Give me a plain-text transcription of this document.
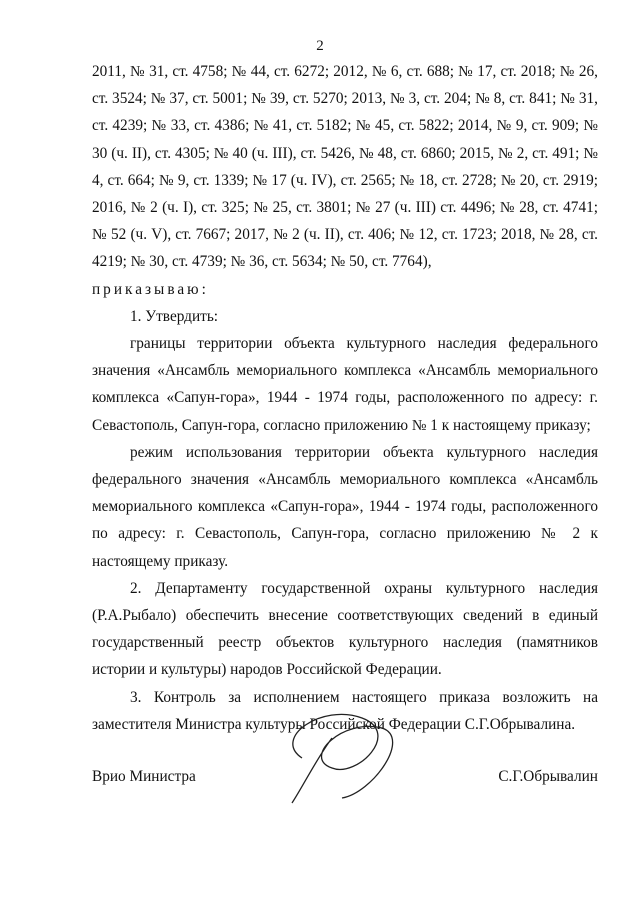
2

2011, № 31, ст. 4758; № 44, ст. 6272; 2012, № 6, ст. 688; № 17, ст. 2018; № 26, ст. 3524; № 37, ст. 5001; № 39, ст. 5270; 2013, № 3, ст. 204; № 8, ст. 841; № 31, ст. 4239; № 33, ст. 4386; № 41, ст. 5182; № 45, ст. 5822; 2014, № 9, ст. 909; № 30 (ч. II), ст. 4305; № 40 (ч. III), ст. 5426, № 48, ст. 6860; 2015, № 2, ст. 491; № 4, ст. 664; № 9, ст. 1339; № 17 (ч. IV), ст. 2565; № 18, ст. 2728; № 20, ст. 2919; 2016, № 2 (ч. I), ст. 325; № 25, ст. 3801; № 27 (ч. III) ст. 4496; № 28, ст. 4741; № 52 (ч. V), ст. 7667; 2017, № 2 (ч. II), ст. 406; № 12, ст. 1723; 2018, № 28, ст. 4219; № 30, ст. 4739; № 36, ст. 5634; № 50, ст. 7764),

приказываю:

1. Утвердить:

границы территории объекта культурного наследия федерального значения «Ансамбль мемориального комплекса «Ансамбль мемориального комплекса «Сапун-гора», 1944 - 1974 годы, расположенного по адресу: г. Севастополь, Сапун-гора, согласно приложению № 1 к настоящему приказу;

режим использования территории объекта культурного наследия федерального значения «Ансамбль мемориального комплекса «Ансамбль мемориального комплекса «Сапун-гора», 1944 - 1974 годы, расположенного по адресу: г. Севастополь, Сапун-гора, согласно приложению № 2 к настоящему приказу.

2. Департаменту государственной охраны культурного наследия (Р.А.Рыбало) обеспечить внесение соответствующих сведений в единый государственный реестр объектов культурного наследия (памятников истории и культуры) народов Российской Федерации.

3. Контроль за исполнением настоящего приказа возложить на заместителя Министра культуры Российской Федерации С.Г.Обрывалина.

Врио Министра	С.Г.Обрывалин
